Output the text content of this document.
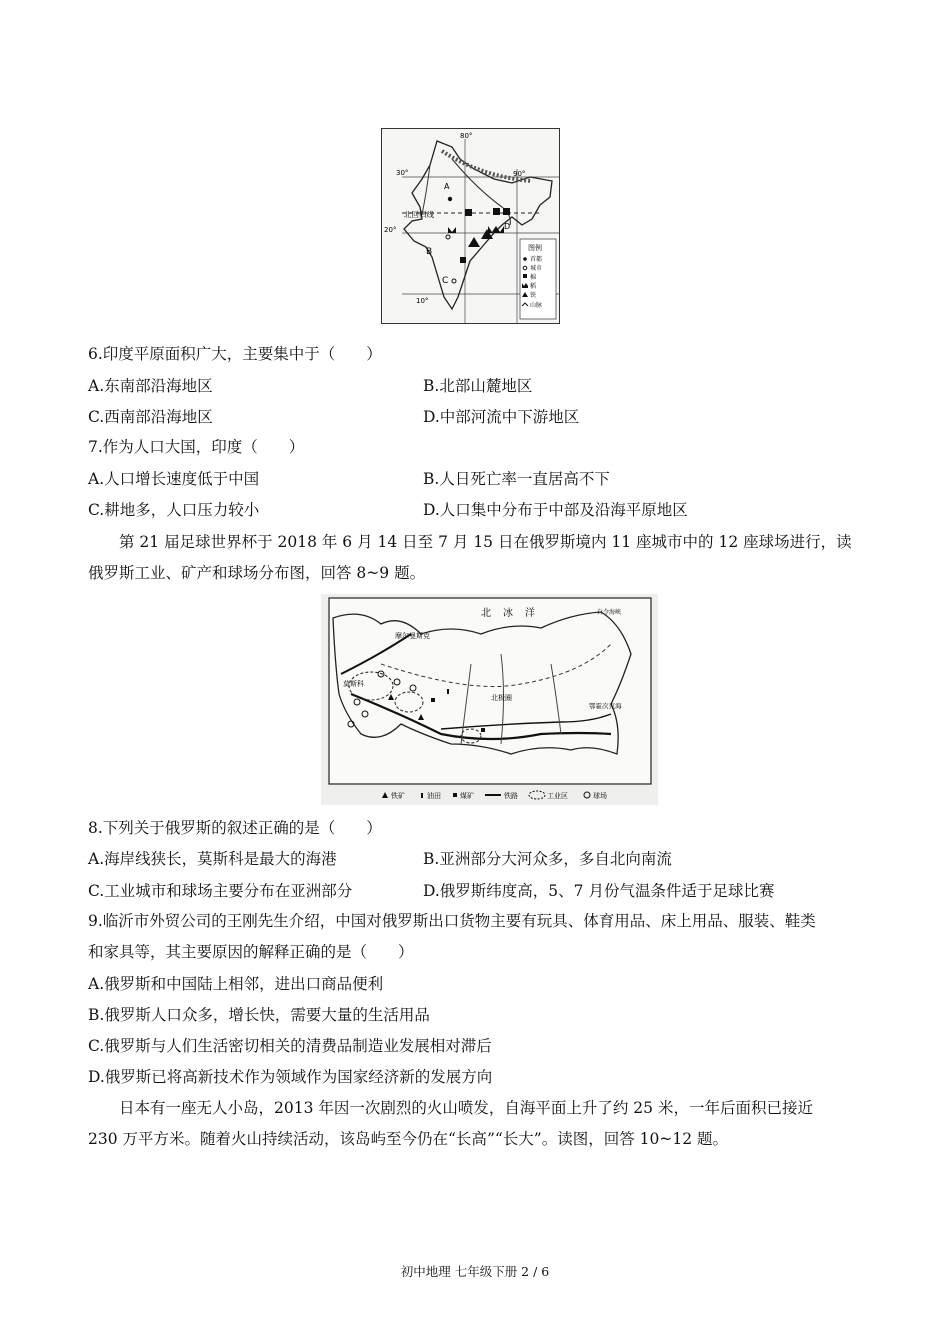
80°
30°
20°
90°
10°
北回归线
A
B
C
D
图例
首都
城市
棉
稻
铁
山脉
6.印度平原面积广大，主要集中于（　　）
A.东南部沿海地区	B.北部山麓地区
C.西南部沿海地区	D.中部河流中下游地区
7.作为人口大国，印度（　　）
A.人口增长速度低于中国	B.人日死亡率一直居高不下
C.耕地多，人口压力较小	D.人口集中分布于中部及沿海平原地区
第 21 届足球世界杯于 2018 年 6 月 14 日至 7 月 15 日在俄罗斯境内 11 座城市中的 12 座球场进行，读
俄罗斯工业、矿产和球场分布图，回答 8~9 题。
北 冰 洋	白令海峡
摩尔曼斯克
莫斯科
北极圈
鄂霍次克海
铁矿	油田	煤矿	铁路	工业区	球场
8.下列关于俄罗斯的叙述正确的是（　　）
A.海岸线狭长，莫斯科是最大的海港	B.亚洲部分大河众多，多自北向南流
C.工业城市和球场主要分布在亚洲部分	D.俄罗斯纬度高，5、7 月份气温条件适于足球比赛
9.临沂市外贸公司的王刚先生介绍，中国对俄罗斯出口货物主要有玩具、体育用品、床上用品、服装、鞋类
和家具等，其主要原因的解释正确的是（　　）
A.俄罗斯和中国陆上相邻，进出口商品便利
B.俄罗斯人口众多，增长快，需要大量的生活用品
C.俄罗斯与人们生活密切相关的清费品制造业发展相对滞后
D.俄罗斯已将高新技术作为领域作为国家经济新的发展方向
日本有一座无人小岛，2013 年因一次剧烈的火山喷发，自海平面上升了约 25 米，一年后面积已接近
230 万平方米。随着火山持续活动，该岛屿至今仍在“长高”“长大”。读图，回答 10~12 题。
初中地理 七年级下册 2 / 6
